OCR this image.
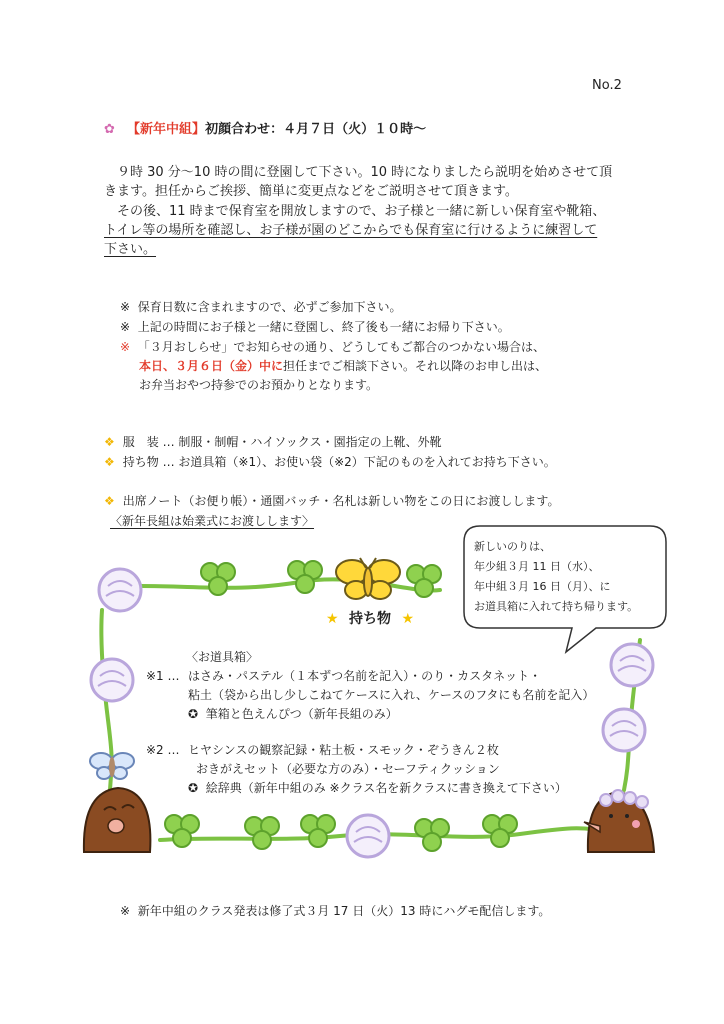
No.2
✿ 【新年中組】初顔合わせ：４月７日（火）１０時～
９時 30 分～10 時の間に登園して下さい。10 時になりましたら説明を始めさせて頂
きます。担任からご挨拶、簡単に変更点などをご説明させて頂きます。
その後、11 時まで保育室を開放しますので、お子様と一緒に新しい保育室や靴箱、
トイレ等の場所を確認し、お子様が園のどこからでも保育室に行けるように練習して
下さい。
※ 保育日数に含まれますので、必ずご参加下さい。
※ 上記の時間にお子様と一緒に登園し、終了後も一緒にお帰り下さい。
※ 「３月おしらせ」でお知らせの通り、どうしてもご都合のつかない場合は、
本日、３月６日（金）中に担任までご相談下さい。それ以降のお申し出は、
お弁当おやつ持参でのお預かりとなります。
❖ 服　装 … 制服・制帽・ハイソックス・園指定の上靴、外靴
❖ 持ち物 … お道具箱（※1）、お使い袋（※2）下記のものを入れてお持ち下さい。
❖ 出席ノート（お便り帳）・通園バッチ・名札は新しい物をこの日にお渡しします。
〈新年長組は始業式にお渡しします〉
新しいのりは、
年少組３月 11 日（水）、
年中組３月 16 日（月）、に
お道具箱に入れて持ち帰ります。
★ 持ち物 ★
〈お道具箱〉
※1 … はさみ・パステル（１本ずつ名前を記入）・のり・カスタネット・
粘土（袋から出し少しこねてケースに入れ、ケースのフタにも名前を記入）
✪ 筆箱と色えんぴつ（新年長組のみ）
※2 … ヒヤシンスの観察記録・粘土板・スモック・ぞうきん２枚
おきがえセット（必要な方のみ）・セーフティクッション
✪ 絵辞典（新年中組のみ ※クラス名を新クラスに書き換えて下さい）
※ 新年中組のクラス発表は修了式３月 17 日（火）13 時にハグモ配信します。
